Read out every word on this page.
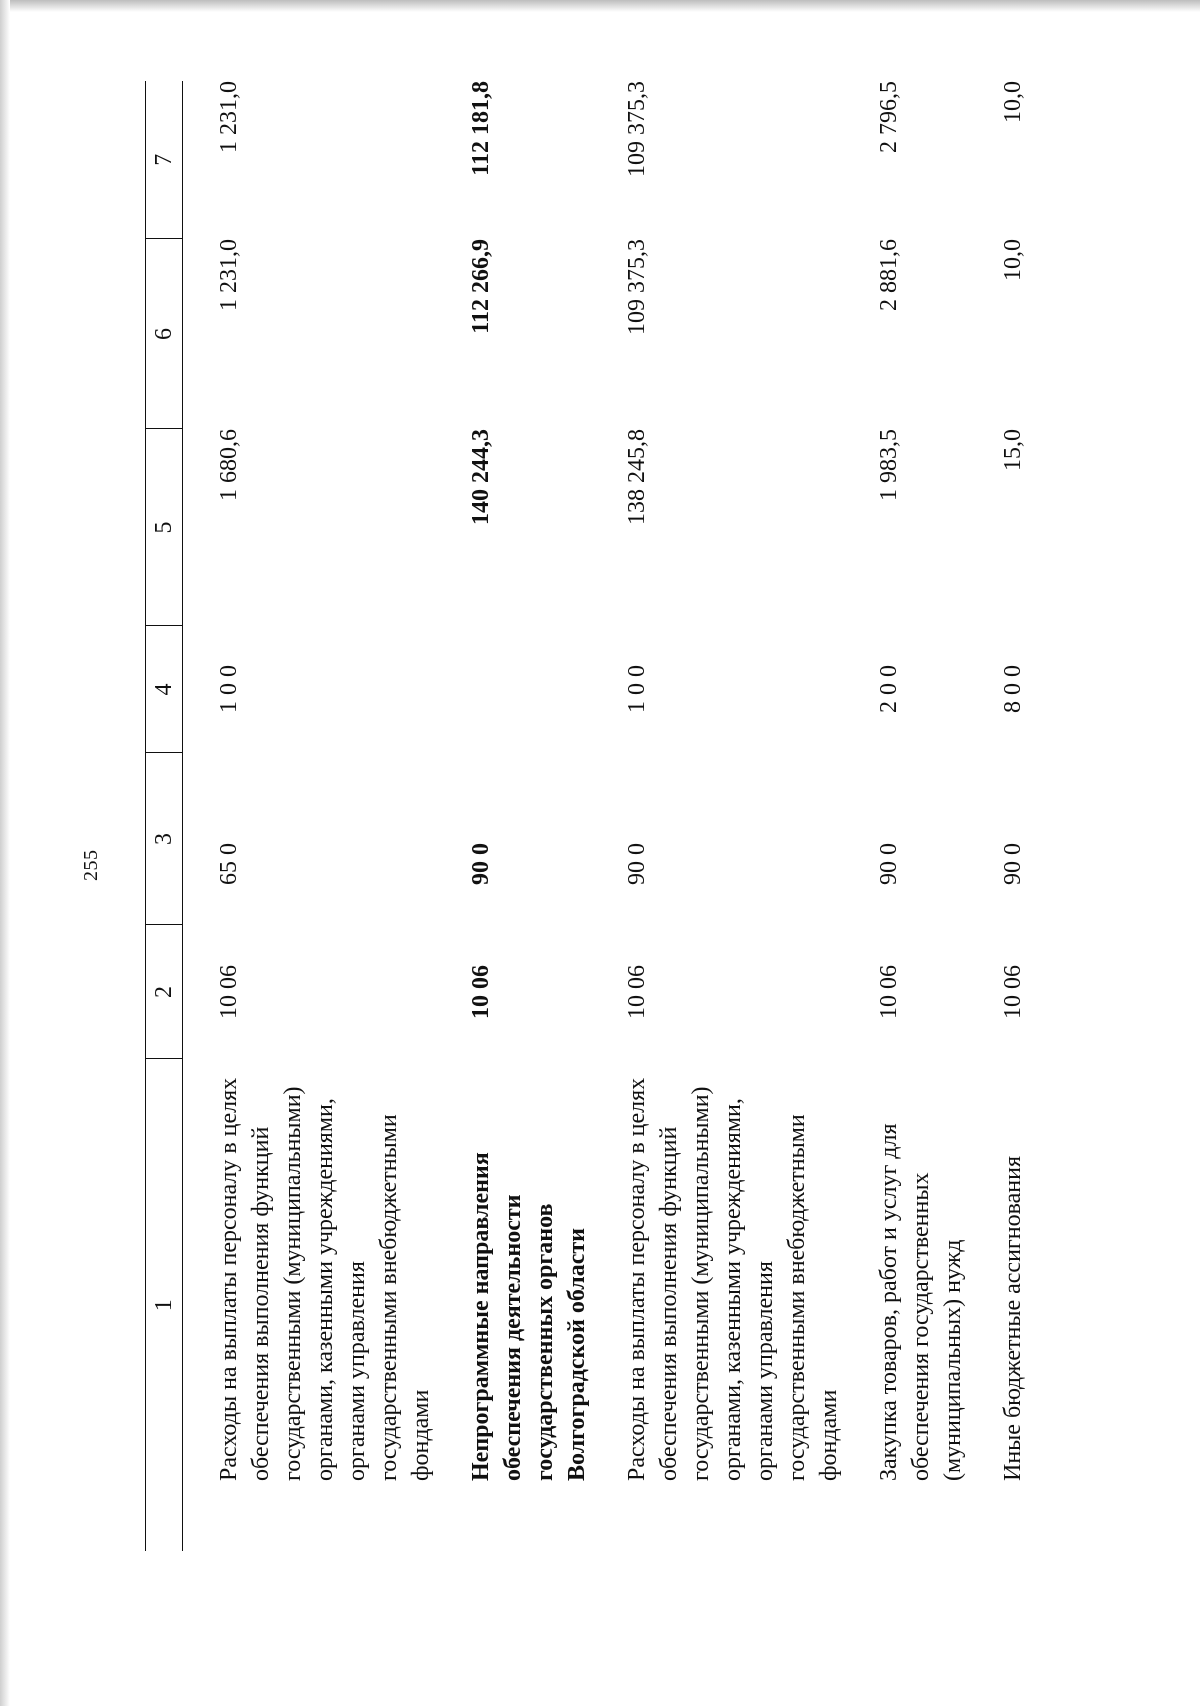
255
1	2	3	4	5	6	7
Расходы на выплаты персоналу в целях обеспечения выполнения функций государственными (муниципальными) органами, казенными учреждениями, органами управления государственными внебюджетными фондами	10 06	65 0	1 0 0	1 680,6	1 231,0	1 231,0
Непрограммные направления обеспечения деятельности государственных органов Волгоградской области	10 06	90 0		140 244,3	112 266,9	112 181,8
Расходы на выплаты персоналу в целях обеспечения выполнения функций государственными (муниципальными) органами, казенными учреждениями, органами управления государственными внебюджетными фондами	10 06	90 0	1 0 0	138 245,8	109 375,3	109 375,3
Закупка товаров, работ и услуг для обеспечения государственных (муниципальных) нужд	10 06	90 0	2 0 0	1 983,5	2 881,6	2 796,5
Иные бюджетные ассигнования	10 06	90 0	8 0 0	15,0	10,0	10,0
